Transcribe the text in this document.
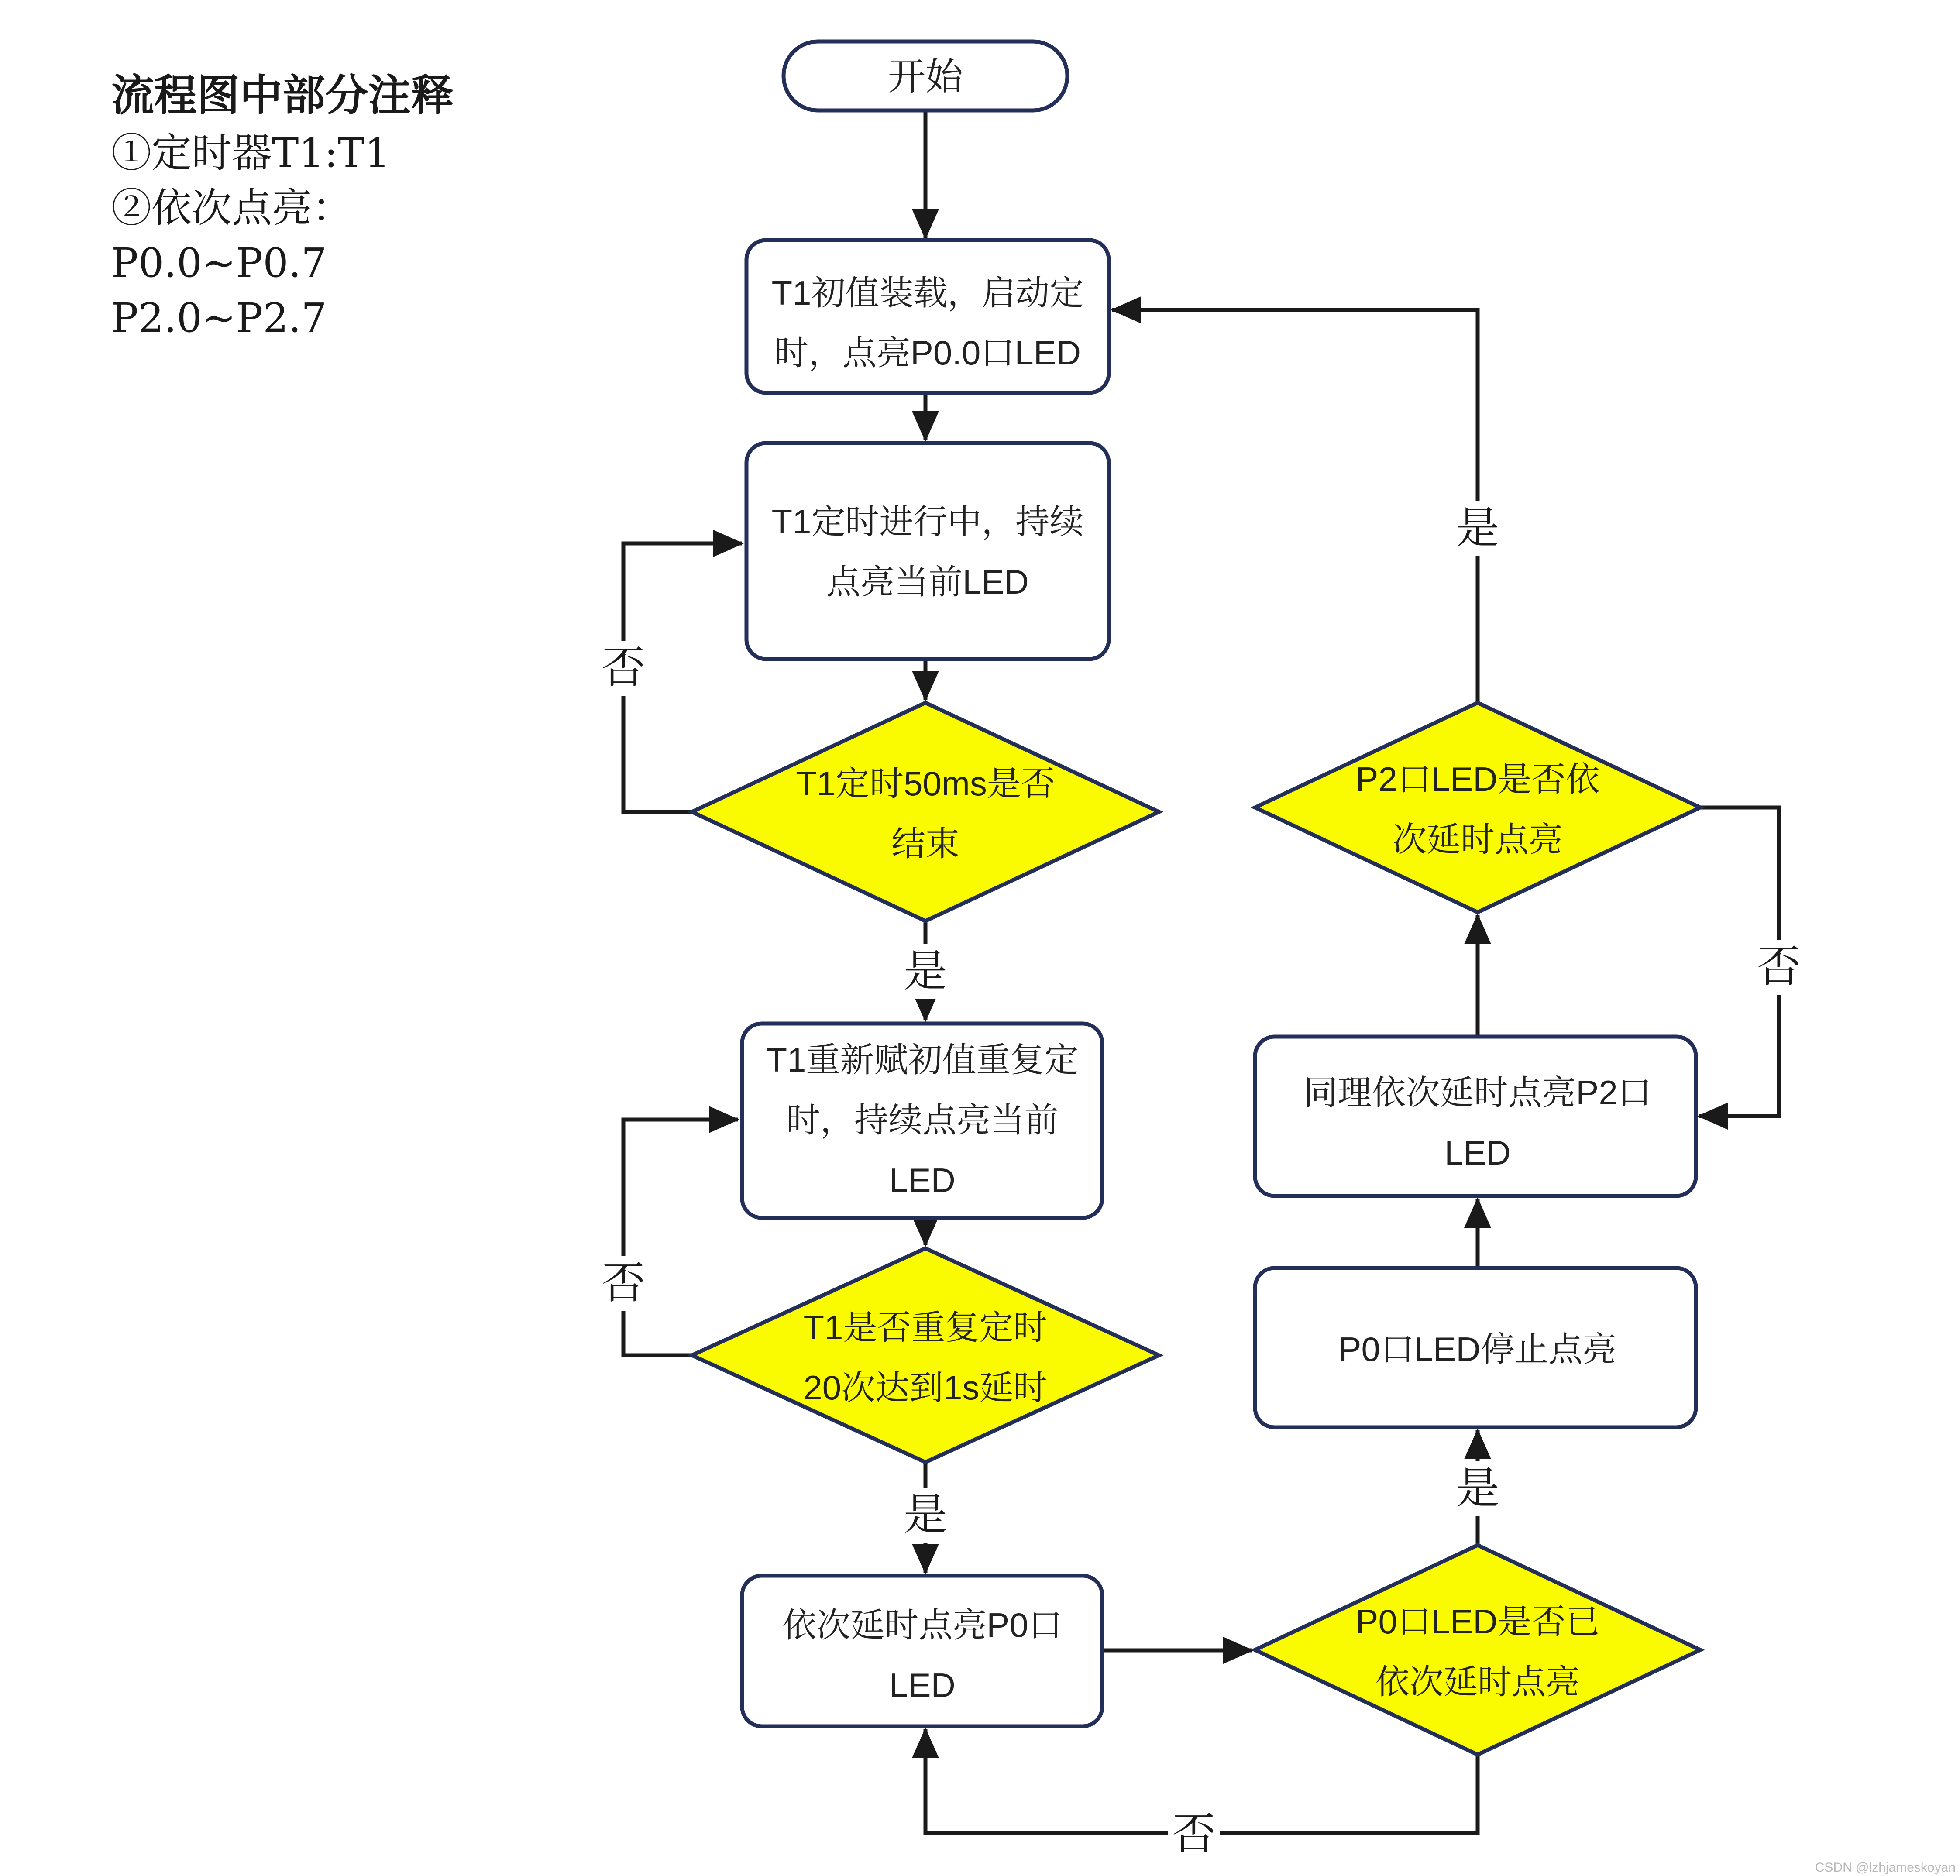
否
否
是
是
是
否
是
否
开始
T1初值装载，启动定
时，点亮P0.0口LED
T1定时进行中，持续
点亮当前LED
T1定时50ms是否
结束
T1重新赋初值重复定
时，持续点亮当前
LED
T1是否重复定时
20次达到1s延时
依次延时点亮P0口
LED
P2口LED是否依
次延时点亮
同理依次延时点亮P2口
LED
P0口LED停止点亮
P0口LED是否已
依次延时点亮
流程图中部分注释
①定时器T1:T1
②依次点亮：
P0.0~P0.7
P2.0~P2.7
CSDN @lzhjameskoyan
